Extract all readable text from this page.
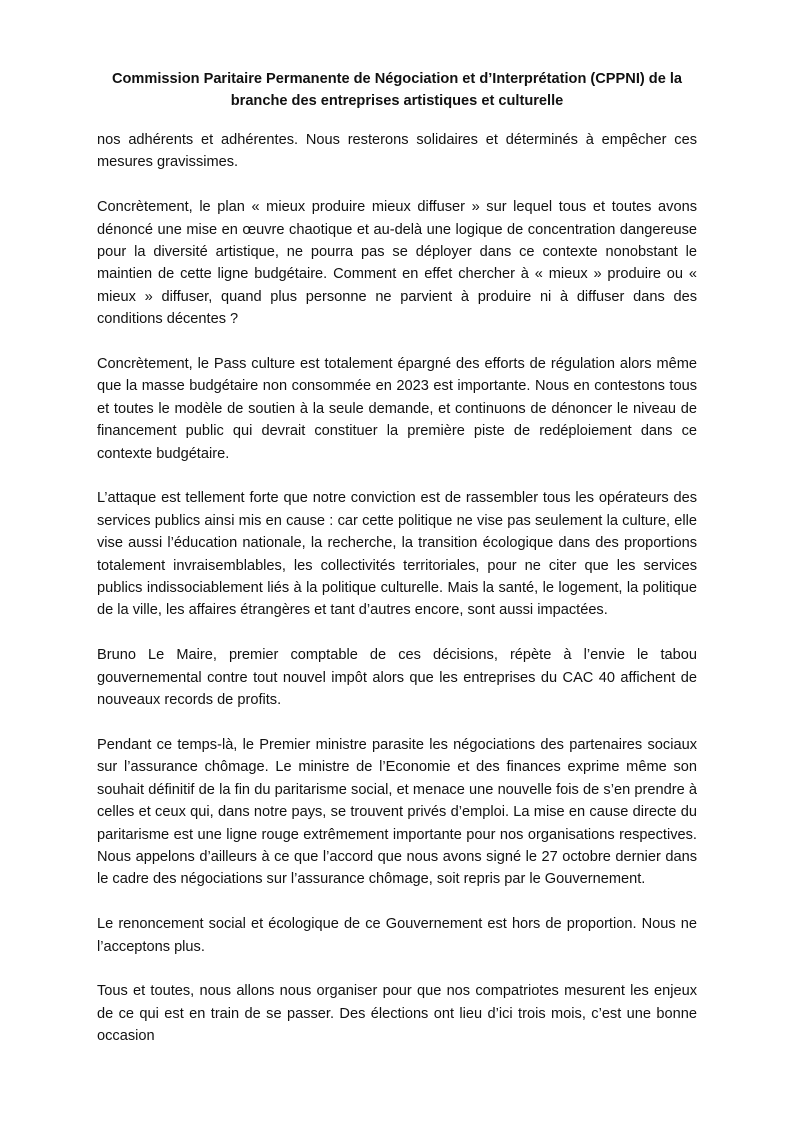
Commission Paritaire Permanente de Négociation et d’Interprétation (CPPNI) de la
branche des entreprises artistiques et culturelle

nos adhérents et adhérentes. Nous resterons solidaires et déterminés à empêcher ces mesures gravissimes.

Concrètement, le plan « mieux produire mieux diffuser » sur lequel tous et toutes avons dénoncé une mise en œuvre chaotique et au-delà une logique de concentration dangereuse pour la diversité artistique, ne pourra pas se déployer dans ce contexte nonobstant le maintien de cette ligne budgétaire. Comment en effet chercher à « mieux » produire ou « mieux » diffuser, quand plus personne ne parvient à produire ni à diffuser dans des conditions décentes ?

Concrètement, le Pass culture est totalement épargné des efforts de régulation alors même que la masse budgétaire non consommée en 2023 est importante. Nous en contestons tous et toutes le modèle de soutien à la seule demande, et continuons de dénoncer le niveau de financement public qui devrait constituer la première piste de redéploiement dans ce contexte budgétaire.

L’attaque est tellement forte que notre conviction est de rassembler tous les opérateurs des services publics ainsi mis en cause : car cette politique ne vise pas seulement la culture, elle vise aussi l’éducation nationale, la recherche, la transition écologique dans des proportions totalement invraisemblables, les collectivités territoriales, pour ne citer que les services publics indissociablement liés à la politique culturelle. Mais la santé, le logement, la politique de la ville, les affaires étrangères et tant d’autres encore, sont aussi impactées.

Bruno Le Maire, premier comptable de ces décisions, répète à l’envie le tabou gouvernemental contre tout nouvel impôt alors que les entreprises du CAC 40 affichent de nouveaux records de profits.

Pendant ce temps-là, le Premier ministre parasite les négociations des partenaires sociaux sur l’assurance chômage. Le ministre de l’Economie et des finances exprime même son souhait définitif de la fin du paritarisme social, et menace une nouvelle fois de s’en prendre à celles et ceux qui, dans notre pays, se trouvent privés d’emploi. La mise en cause directe du paritarisme est une ligne rouge extrêmement importante pour nos organisations respectives. Nous appelons d’ailleurs à ce que l’accord que nous avons signé le 27 octobre dernier dans le cadre des négociations sur l’assurance chômage, soit repris par le Gouvernement.

Le renoncement social et écologique de ce Gouvernement est hors de proportion. Nous ne l’acceptons plus.

Tous et toutes, nous allons nous organiser pour que nos compatriotes mesurent les enjeux de ce qui est en train de se passer. Des élections ont lieu d’ici trois mois, c’est une bonne occasion
